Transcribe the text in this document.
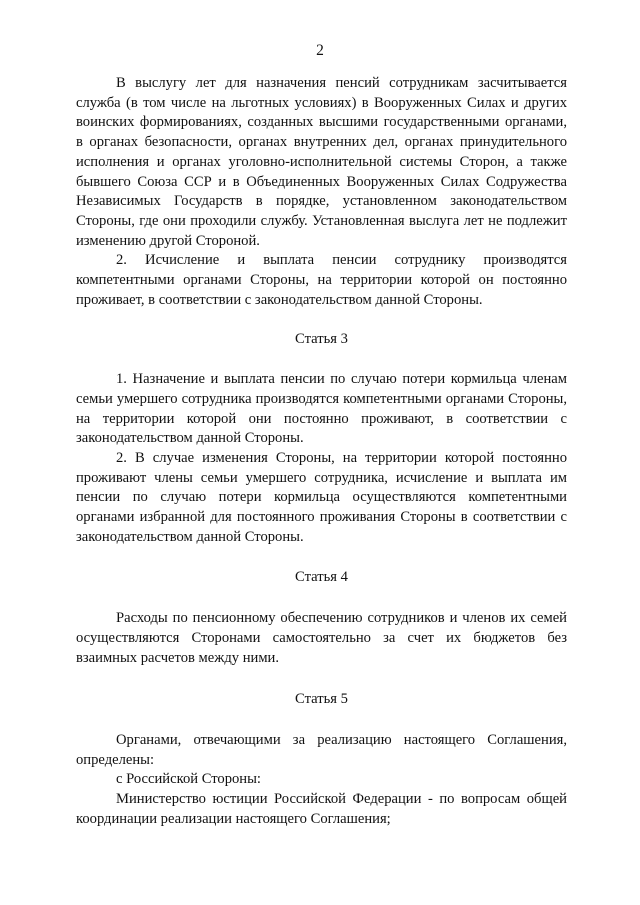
2

В выслугу лет для назначения пенсий сотрудникам засчитывается служба (в том числе на льготных условиях) в Вооруженных Силах и других воинских формированиях, созданных высшими государственными органами, в органах безопасности, органах внутренних дел, органах принудительного исполнения и органах уголовно-исполнительной системы Сторон, а также бывшего Союза ССР и в Объединенных Вооруженных Силах Содружества Независимых Государств в порядке, установленном законодательством Стороны, где они проходили службу. Установленная выслуга лет не подлежит изменению другой Стороной.

2. Исчисление и выплата пенсии сотруднику производятся компетентными органами Стороны, на территории которой он постоянно проживает, в соответствии с законодательством данной Стороны.

Статья 3

1. Назначение и выплата пенсии по случаю потери кормильца членам семьи умершего сотрудника производятся компетентными органами Стороны, на территории которой они постоянно проживают, в соответствии с законодательством данной Стороны.

2. В случае изменения Стороны, на территории которой постоянно проживают члены семьи умершего сотрудника, исчисление и выплата им пенсии по случаю потери кормильца осуществляются компетентными органами избранной для постоянного проживания Стороны в соответствии с законодательством данной Стороны.

Статья 4

Расходы по пенсионному обеспечению сотрудников и членов их семей осуществляются Сторонами самостоятельно за счет их бюджетов без взаимных расчетов между ними.

Статья 5

Органами, отвечающими за реализацию настоящего Соглашения, определены:

с Российской Стороны:

Министерство юстиции Российской Федерации - по вопросам общей координации реализации настоящего Соглашения;
